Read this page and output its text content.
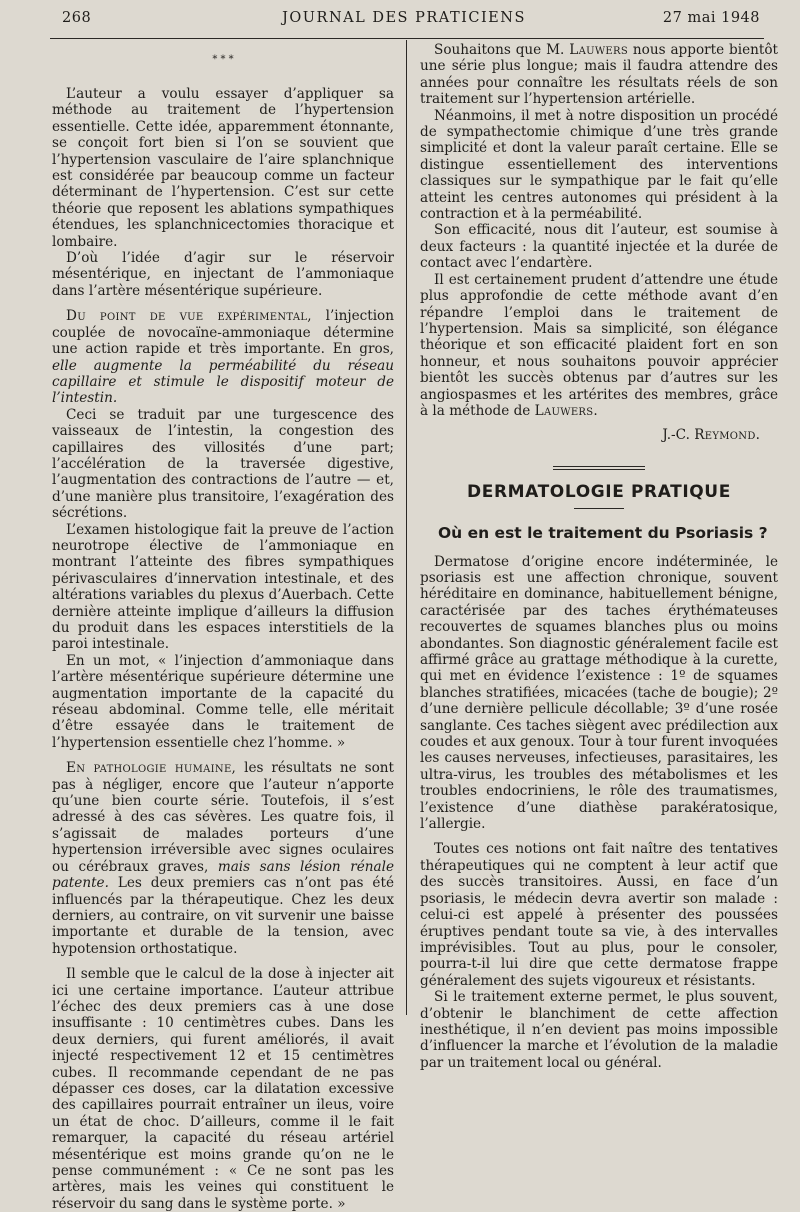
268	JOURNAL DES PRATICIENS	27 mai 1948
* * *

L’auteur a voulu essayer d’appliquer sa méthode au traitement de l’hypertension essentielle. Cette idée, apparemment étonnante, se conçoit fort bien si l’on se souvient que l’hypertension vasculaire de l’aire splanchnique est considérée par beaucoup comme un facteur déterminant de l’hypertension. C’est sur cette théorie que reposent les ablations sympathiques étendues, les splanchnicectomies thoracique et lombaire.

D’où l’idée d’agir sur le réservoir mésentérique, en injectant de l’ammoniaque dans l’artère mésentérique supérieure.

Du point de vue expérimental, l’injection couplée de novocaïne-ammoniaque détermine une action rapide et très importante. En gros, elle augmente la perméabilité du réseau capillaire et stimule le dispositif moteur de l’intestin.

Ceci se traduit par une turgescence des vaisseaux de l’intestin, la congestion des capillaires des villosités d’une part; l’accélération de la traversée digestive, l’augmentation des contractions de l’autre — et, d’une manière plus transitoire, l’exagération des sécrétions.

L’examen histologique fait la preuve de l’action neurotrope élective de l’ammoniaque en montrant l’atteinte des fibres sympathiques périvasculaires d’innervation intestinale, et des altérations variables du plexus d’Auerbach. Cette dernière atteinte implique d’ailleurs la diffusion du produit dans les espaces interstitiels de la paroi intestinale.

En un mot, « l’injection d’ammoniaque dans l’artère mésentérique supérieure détermine une augmentation importante de la capacité du réseau abdominal. Comme telle, elle méritait d’être essayée dans le traitement de l’hypertension essentielle chez l’homme. »

En pathologie humaine, les résultats ne sont pas à négliger, encore que l’auteur n’apporte qu’une bien courte série. Toutefois, il s’est adressé à des cas sévères. Les quatre fois, il s’agissait de malades porteurs d’une hypertension irréversible avec signes oculaires ou cérébraux graves, mais sans lésion rénale patente. Les deux premiers cas n’ont pas été influencés par la thérapeutique. Chez les deux derniers, au contraire, on vit survenir une baisse importante et durable de la tension, avec hypotension orthostatique.

Il semble que le calcul de la dose à injecter ait ici une certaine importance. L’auteur attribue l’échec des deux premiers cas à une dose insuffisante : 10 centimètres cubes. Dans les deux derniers, qui furent améliorés, il avait injecté respectivement 12 et 15 centimètres cubes. Il recommande cependant de ne pas dépasser ces doses, car la dilatation excessive des capillaires pourrait entraîner un ileus, voire un état de choc. D’ailleurs, comme il le fait remarquer, la capacité du réseau artériel mésentérique est moins grande qu’on ne le pense communément : « Ce ne sont pas les artères, mais les veines qui constituent le réservoir du sang dans le système porte. »

Souhaitons que M. Lauwers nous apporte bientôt une série plus longue; mais il faudra attendre des années pour connaître les résultats réels de son traitement sur l’hypertension artérielle.

Néanmoins, il met à notre disposition un procédé de sympathectomie chimique d’une très grande simplicité et dont la valeur paraît certaine. Elle se distingue essentiellement des interventions classiques sur le sympathique par le fait qu’elle atteint les centres autonomes qui président à la contraction et à la perméabilité.

Son efficacité, nous dit l’auteur, est soumise à deux facteurs : la quantité injectée et la durée de contact avec l’endartère.

Il est certainement prudent d’attendre une étude plus approfondie de cette méthode avant d’en répandre l’emploi dans le traitement de l’hypertension. Mais sa simplicité, son élégance théorique et son efficacité plaident fort en son honneur, et nous souhaitons pouvoir apprécier bientôt les succès obtenus par d’autres sur les angiospasmes et les artérites des membres, grâce à la méthode de Lauwers.

J.-C. Reymond.
DERMATOLOGIE PRATIQUE
Où en est le traitement du Psoriasis ?

Dermatose d’origine encore indéterminée, le psoriasis est une affection chronique, souvent héréditaire en dominance, habituellement bénigne, caractérisée par des taches érythémateuses recouvertes de squames blanches plus ou moins abondantes. Son diagnostic généralement facile est affirmé grâce au grattage méthodique à la curette, qui met en évidence l’existence : 1º de squames blanches stratifiées, micacées (tache de bougie); 2º d’une dernière pellicule décollable; 3º d’une rosée sanglante. Ces taches siègent avec prédilection aux coudes et aux genoux. Tour à tour furent invoquées les causes nerveuses, infectieuses, parasitaires, les ultra-virus, les troubles des métabolismes et les troubles endocriniens, le rôle des traumatismes, l’existence d’une diathèse parakératosique, l’allergie.

Toutes ces notions ont fait naître des tentatives thérapeutiques qui ne comptent à leur actif que des succès transitoires. Aussi, en face d’un psoriasis, le médecin devra avertir son malade : celui-ci est appelé à présenter des poussées éruptives pendant toute sa vie, à des intervalles imprévisibles. Tout au plus, pour le consoler, pourra-t-il lui dire que cette dermatose frappe généralement des sujets vigoureux et résistants.

Si le traitement externe permet, le plus souvent, d’obtenir le blanchiment de cette affection inesthétique, il n’en devient pas moins impossible d’influencer la marche et l’évolution de la maladie par un traitement local ou général.
